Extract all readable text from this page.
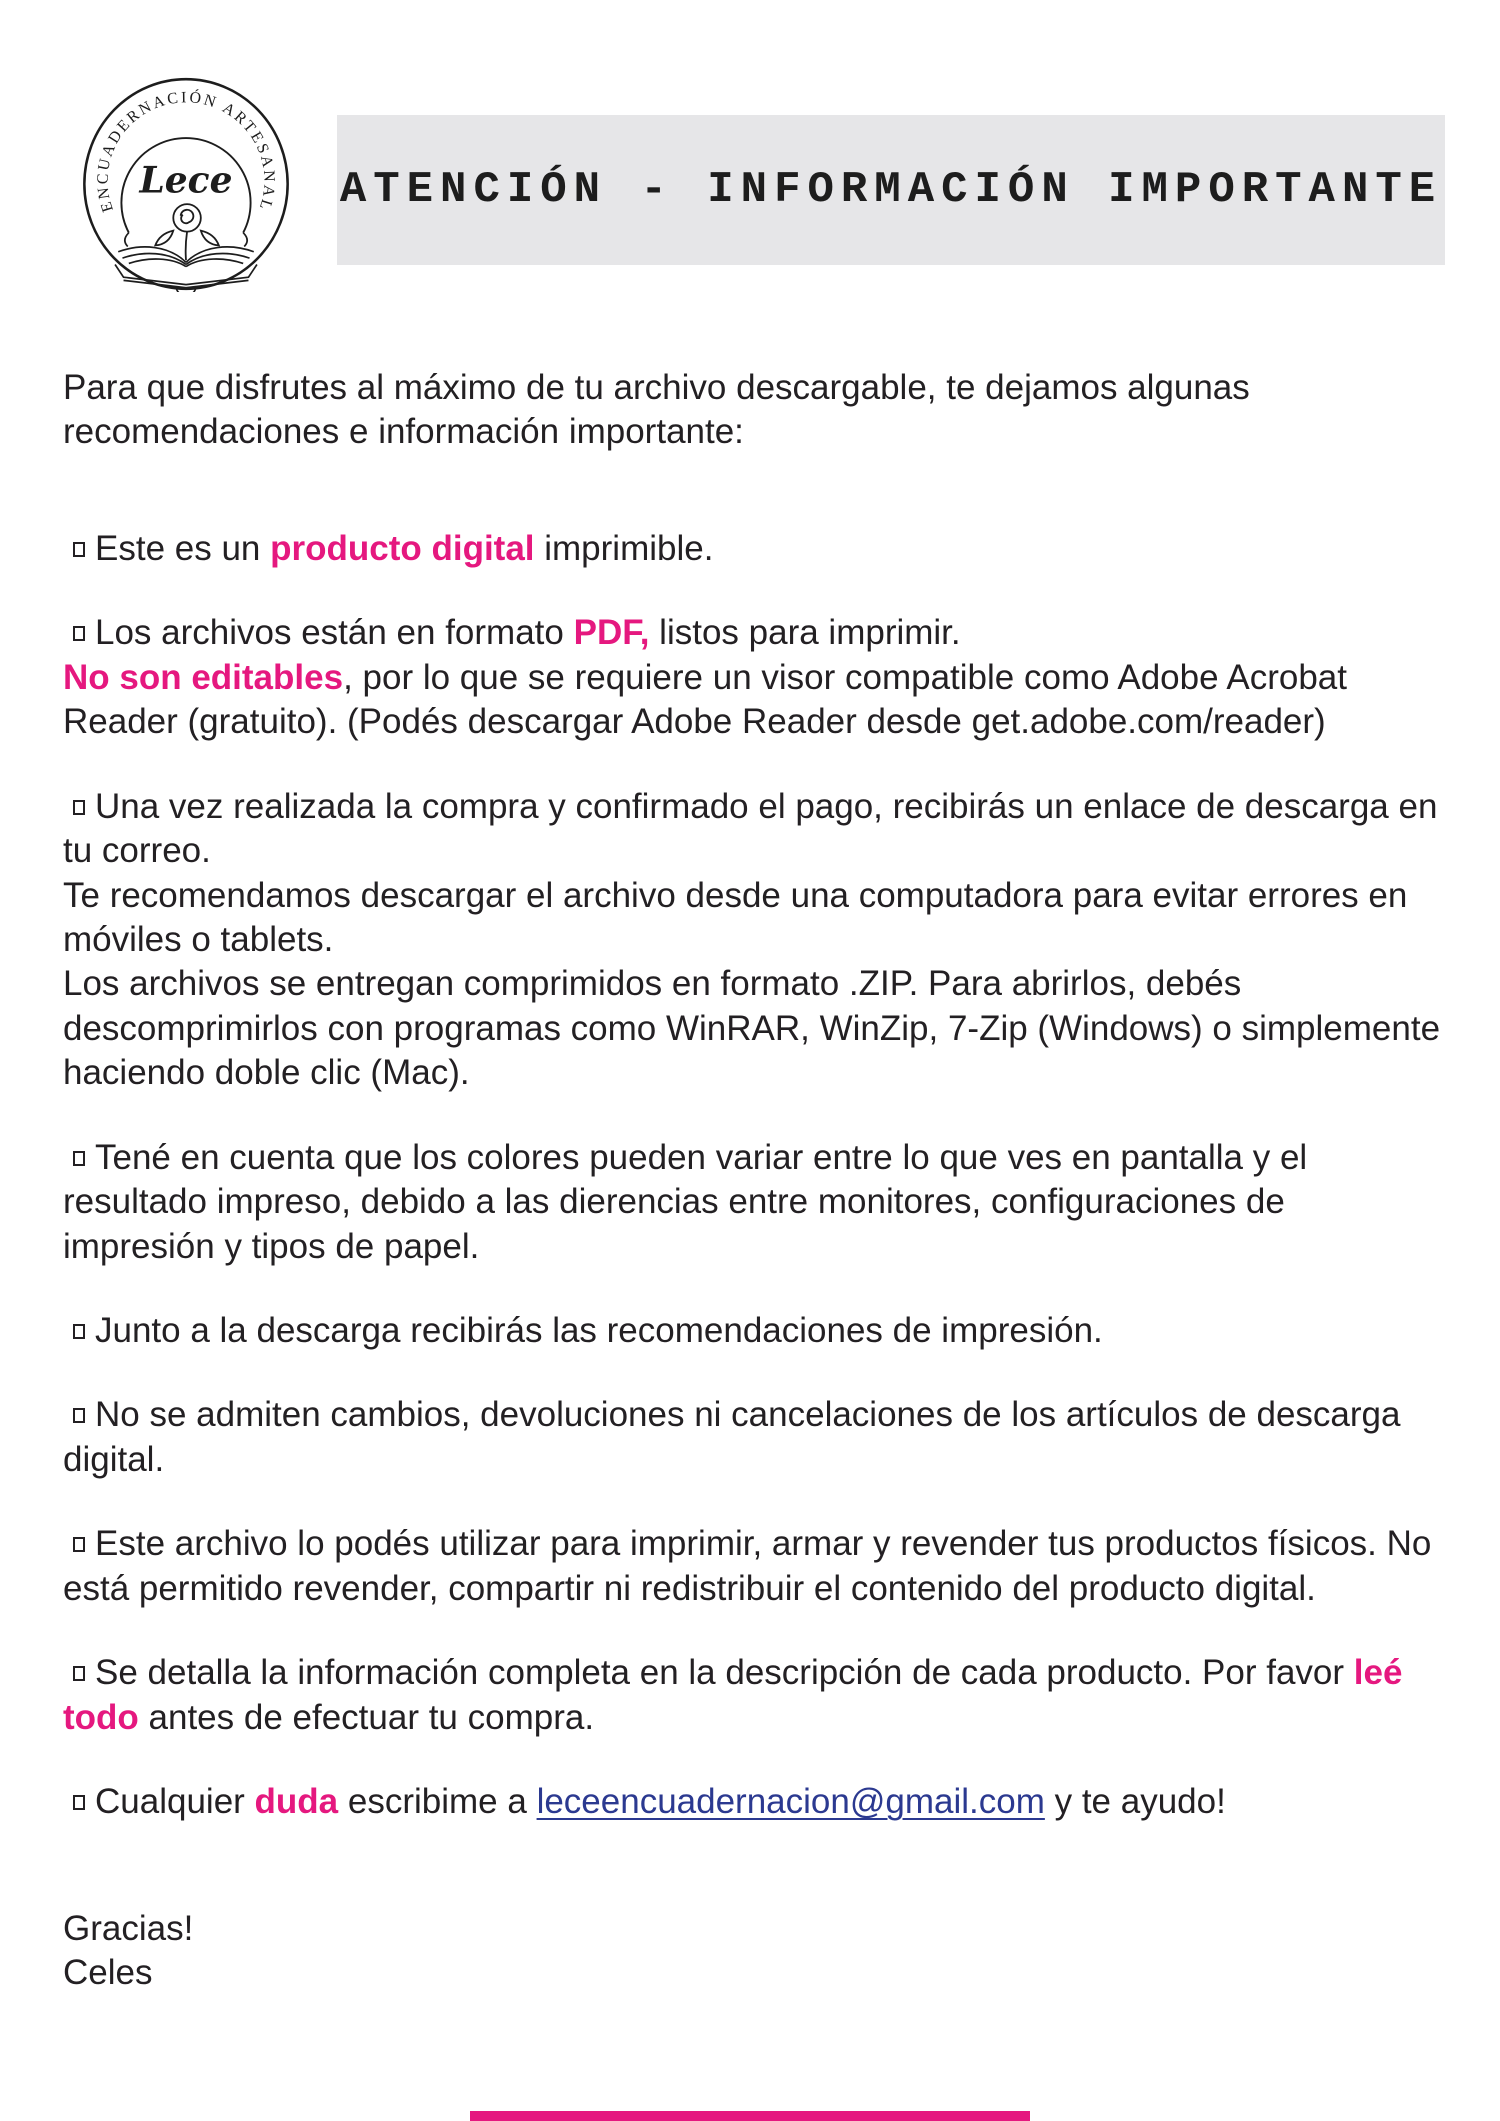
ENCUADERNACIÓN ARTESANAL
Lece ATENCIÓN - INFORMACIÓN IMPORTANTE
Para que disfrutes al máximo de tu archivo descargable, te dejamos algunas recomendaciones e información importante:
Este es un producto digital imprimible.
Los archivos están en formato PDF, listos para imprimir.
No son editables, por lo que se requiere un visor compatible como Adobe Acrobat Reader (gratuito). (Podés descargar Adobe Reader desde get.adobe.com/reader)
Una vez realizada la compra y confirmado el pago, recibirás un enlace de descarga en tu correo.
Te recomendamos descargar el archivo desde una computadora para evitar errores en móviles o tablets.
Los archivos se entregan comprimidos en formato .ZIP. Para abrirlos, debés descomprimirlos con programas como WinRAR, WinZip, 7-Zip (Windows) o simplemente haciendo doble clic (Mac).
Tené en cuenta que los colores pueden variar entre lo que ves en pantalla y el resultado impreso, debido a las dierencias entre monitores, configuraciones de impresión y tipos de papel.
Junto a la descarga recibirás las recomendaciones de impresión.
No se admiten cambios, devoluciones ni cancelaciones de los artículos de descarga digital.
Este archivo lo podés utilizar para imprimir, armar y revender tus productos físicos. No está permitido revender, compartir ni redistribuir el contenido del producto digital.
Se detalla la información completa en la descripción de cada producto. Por favor leé todo antes de efectuar tu compra.
Cualquier duda escribime a leceencuadernacion@gmail.com y te ayudo!
Gracias!
Celes
